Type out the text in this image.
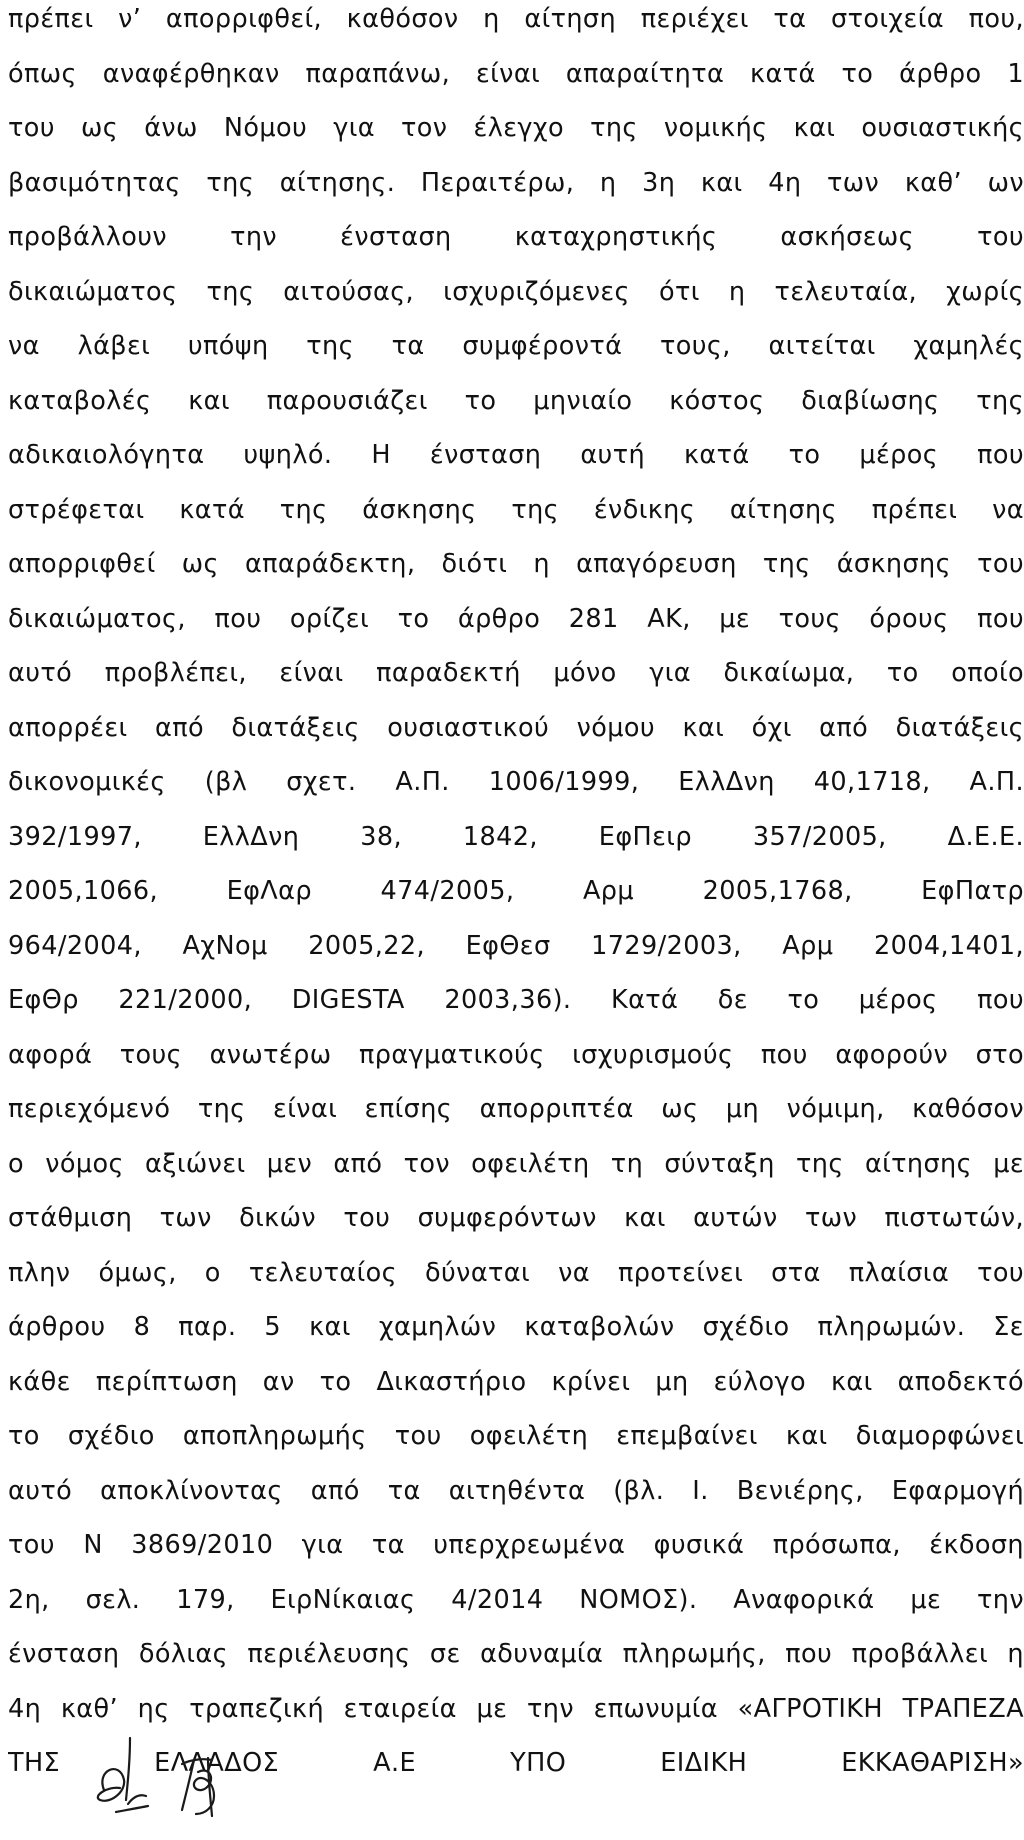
πρέπει ν’ απορριφθεί, καθόσον η αίτηση περιέχει τα στοιχεία που,
όπως αναφέρθηκαν παραπάνω, είναι απαραίτητα κατά το άρθρο 1
του ως άνω Νόμου για τον έλεγχο της νομικής και ουσιαστικής
βασιμότητας της αίτησης. Περαιτέρω, η 3η και 4η των καθ’ ων
προβάλλουν την ένσταση καταχρηστικής ασκήσεως του
δικαιώματος της αιτούσας, ισχυριζόμενες ότι η τελευταία, χωρίς
να λάβει υπόψη της τα συμφέροντά τους, αιτείται χαμηλές
καταβολές και παρουσιάζει το μηνιαίο κόστος διαβίωσης της
αδικαιολόγητα υψηλό. Η ένσταση αυτή κατά το μέρος που
στρέφεται κατά της άσκησης της ένδικης αίτησης πρέπει να
απορριφθεί ως απαράδεκτη, διότι η απαγόρευση της άσκησης του
δικαιώματος, που ορίζει το άρθρο 281 ΑΚ, με τους όρους που
αυτό προβλέπει, είναι παραδεκτή μόνο για δικαίωμα, το οποίο
απορρέει από διατάξεις ουσιαστικού νόμου και όχι από διατάξεις
δικονομικές (βλ σχετ. Α.Π. 1006/1999, ΕλλΔνη 40,1718, Α.Π.
392/1997, ΕλλΔνη 38, 1842, ΕφΠειρ 357/2005, Δ.Ε.Ε.
2005,1066, ΕφΛαρ 474/2005, Αρμ 2005,1768, ΕφΠατρ
964/2004, ΑχΝομ 2005,22, ΕφΘεσ 1729/2003, Αρμ 2004,1401,
ΕφΘρ 221/2000, DIGESTA 2003,36). Κατά δε το μέρος που
αφορά τους ανωτέρω πραγματικούς ισχυρισμούς που αφορούν στο
περιεχόμενό της είναι επίσης απορριπτέα ως μη νόμιμη, καθόσον
ο νόμος αξιώνει μεν από τον οφειλέτη τη σύνταξη της αίτησης με
στάθμιση των δικών του συμφερόντων και αυτών των πιστωτών,
πλην όμως, ο τελευταίος δύναται να προτείνει στα πλαίσια του
άρθρου 8 παρ. 5 και χαμηλών καταβολών σχέδιο πληρωμών. Σε
κάθε περίπτωση αν το Δικαστήριο κρίνει μη εύλογο και αποδεκτό
το σχέδιο αποπληρωμής του οφειλέτη επεμβαίνει και διαμορφώνει
αυτό αποκλίνοντας από τα αιτηθέντα (βλ. Ι. Βενιέρης, Εφαρμογή
του Ν 3869/2010 για τα υπερχρεωμένα φυσικά πρόσωπα, έκδοση
2η, σελ. 179, ΕιρΝίκαιας 4/2014 ΝΟΜΟΣ). Αναφορικά με την
ένσταση δόλιας περιέλευσης σε αδυναμία πληρωμής, που προβάλλει η
4η καθ’ ης τραπεζική εταιρεία με την επωνυμία «ΑΓΡΟΤΙΚΗ ΤΡΑΠΕΖΑ
ΤΗΣ ΕΛΛΑΔΟΣ Α.Ε ΥΠΟ ΕΙΔΙΚΗ ΕΚΚΑΘΑΡΙΣΗ»
